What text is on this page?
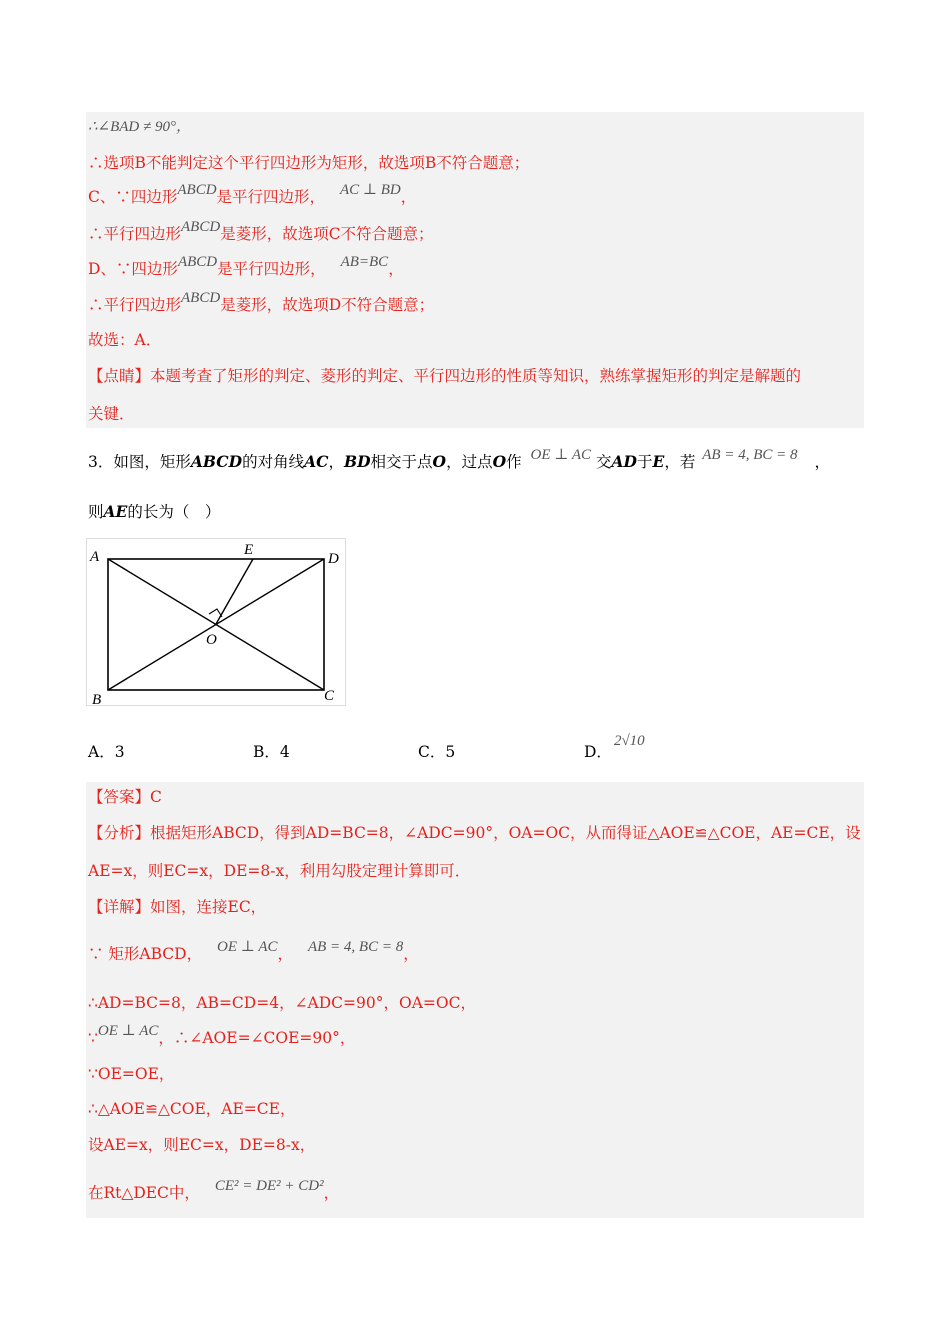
∴∠BAD ≠ 90°，
∴选项B不能判定这个平行四边形为矩形，故选项B不符合题意；
C、∵四边形ABCD是平行四边形， AC ⊥ BD，
∴平行四边形ABCD是菱形，故选项C不符合题意；
D、∵四边形ABCD是平行四边形， AB=BC，
∴平行四边形ABCD是菱形，故选项D不符合题意；
故选：A．
【点睛】本题考查了矩形的判定、菱形的判定、平行四边形的性质等知识，熟练掌握矩形的判定是解题的
关键．
3．如图，矩形ABCD的对角线AC，BD相交于点O，过点O作 OE ⊥ AC 交AD于E，若 AB = 4, BC = 8 ，
则AE的长为（　）
A
B	C
D
E
O
A．3	B．4	C．5	D．2√10
【答案】C
【分析】根据矩形ABCD，得到AD=BC=8，∠ADC=90°，OA=OC，从而得证△AOE≌△COE，AE=CE，设
AE=x，则EC=x，DE=8-x，利用勾股定理计算即可．
【详解】如图，连接EC，
∵ 矩形ABCD， OE ⊥ AC， AB = 4, BC = 8，
∴AD=BC=8，AB=CD=4，∠ADC=90°，OA=OC，
∵OE ⊥ AC，∴∠AOE=∠COE=90°，
∵OE=OE，
∴△AOE≌△COE，AE=CE，
设AE=x，则EC=x，DE=8-x，
在Rt△DEC中， CE² = DE² + CD²，
